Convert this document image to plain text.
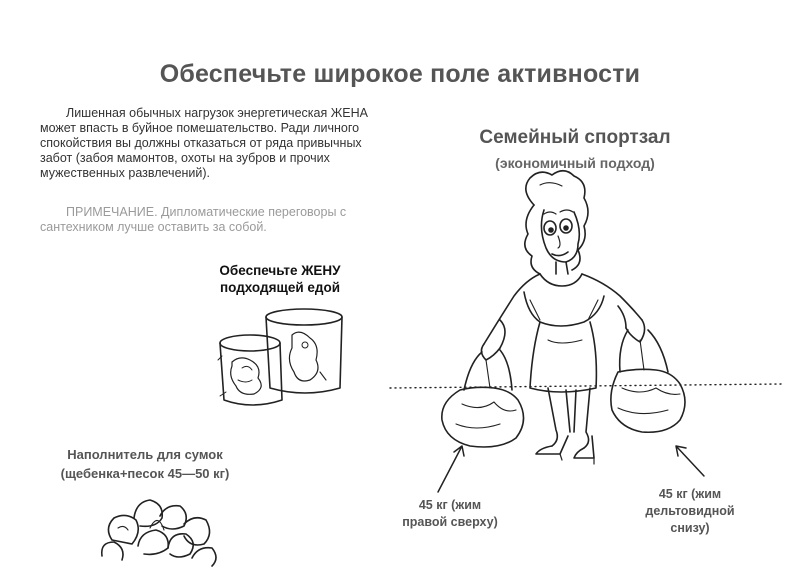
Обеспечьте широкое поле активности
Лишенная обычных нагрузок энергетическая ЖЕНА может впасть в буйное помешательство. Ради личного спокойствия вы должны отказаться от ряда привычных забот (забоя мамонтов, охоты на зубров и прочих мужественных развлечений).
ПРИМЕЧАНИЕ. Дипломатические переговоры с сантехником лучше оставить за собой.
Обеспечьте ЖЕНУ
подходящей едой
Семейный спортзал
(экономичный подход)
Наполнитель для сумок
(щебенка+песок 45—50 кг)
45 кг (жим
правой сверху)
45 кг (жим
дельтовидной
снизу)
